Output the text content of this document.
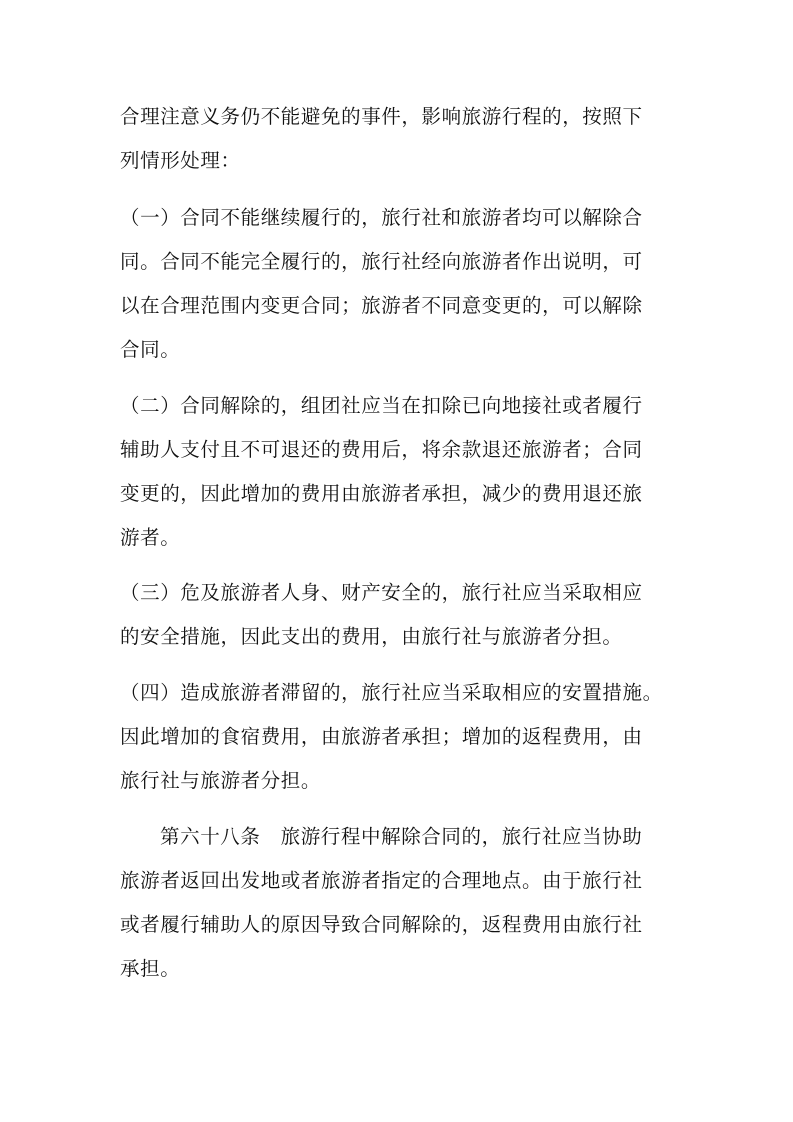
合理注意义务仍不能避免的事件，影响旅游行程的，按照下
列情形处理：
（一）合同不能继续履行的，旅行社和旅游者均可以解除合
同。合同不能完全履行的，旅行社经向旅游者作出说明，可
以在合理范围内变更合同；旅游者不同意变更的，可以解除
合同。
（二）合同解除的，组团社应当在扣除已向地接社或者履行
辅助人支付且不可退还的费用后，将余款退还旅游者；合同
变更的，因此增加的费用由旅游者承担，减少的费用退还旅
游者。
（三）危及旅游者人身、财产安全的，旅行社应当采取相应
的安全措施，因此支出的费用，由旅行社与旅游者分担。
（四）造成旅游者滞留的，旅行社应当采取相应的安置措施。
因此增加的食宿费用，由旅游者承担；增加的返程费用，由
旅行社与旅游者分担。
第六十八条　旅游行程中解除合同的，旅行社应当协助
旅游者返回出发地或者旅游者指定的合理地点。由于旅行社
或者履行辅助人的原因导致合同解除的，返程费用由旅行社
承担。
